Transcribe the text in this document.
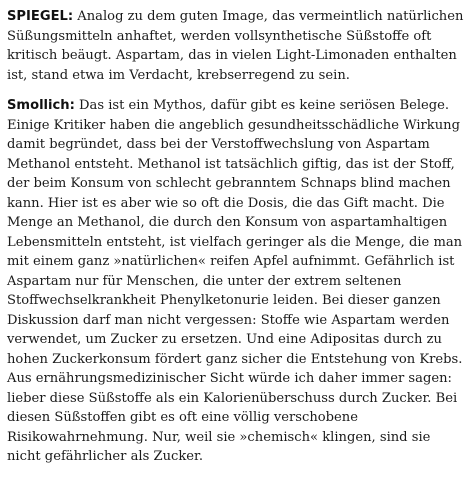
SPIEGEL: Analog zu dem guten Image, das vermeintlich natürlichen Süßungsmitteln anhaftet, werden vollsynthetische Süßstoffe oft kritisch beäugt. Aspartam, das in vielen Light-Limonaden enthalten ist, stand etwa im Verdacht, krebserregend zu sein.

Smollich: Das ist ein Mythos, dafür gibt es keine seriösen Belege. Einige Kritiker haben die angeblich gesundheitsschädliche Wirkung damit begründet, dass bei der Verstoffwechslung von Aspartam Methanol entsteht. Methanol ist tatsächlich giftig, das ist der Stoff, der beim Konsum von schlecht gebranntem Schnaps blind machen kann. Hier ist es aber wie so oft die Dosis, die das Gift macht. Die Menge an Methanol, die durch den Konsum von aspartamhaltigen Lebensmitteln entsteht, ist vielfach geringer als die Menge, die man mit einem ganz »natürlichen« reifen Apfel aufnimmt. Gefährlich ist Aspartam nur für Menschen, die unter der extrem seltenen Stoffwechselkrankheit Phenylketonurie leiden. Bei dieser ganzen Diskussion darf man nicht vergessen: Stoffe wie Aspartam werden verwendet, um Zucker zu ersetzen. Und eine Adipositas durch zu hohen Zuckerkonsum fördert ganz sicher die Entstehung von Krebs. Aus ernährungsmedizinischer Sicht würde ich daher immer sagen: lieber diese Süßstoffe als ein Kalorienüberschuss durch Zucker. Bei diesen Süßstoffen gibt es oft eine völlig verschobene Risikowahrnehmung. Nur, weil sie »chemisch« klingen, sind sie nicht gefährlicher als Zucker.
